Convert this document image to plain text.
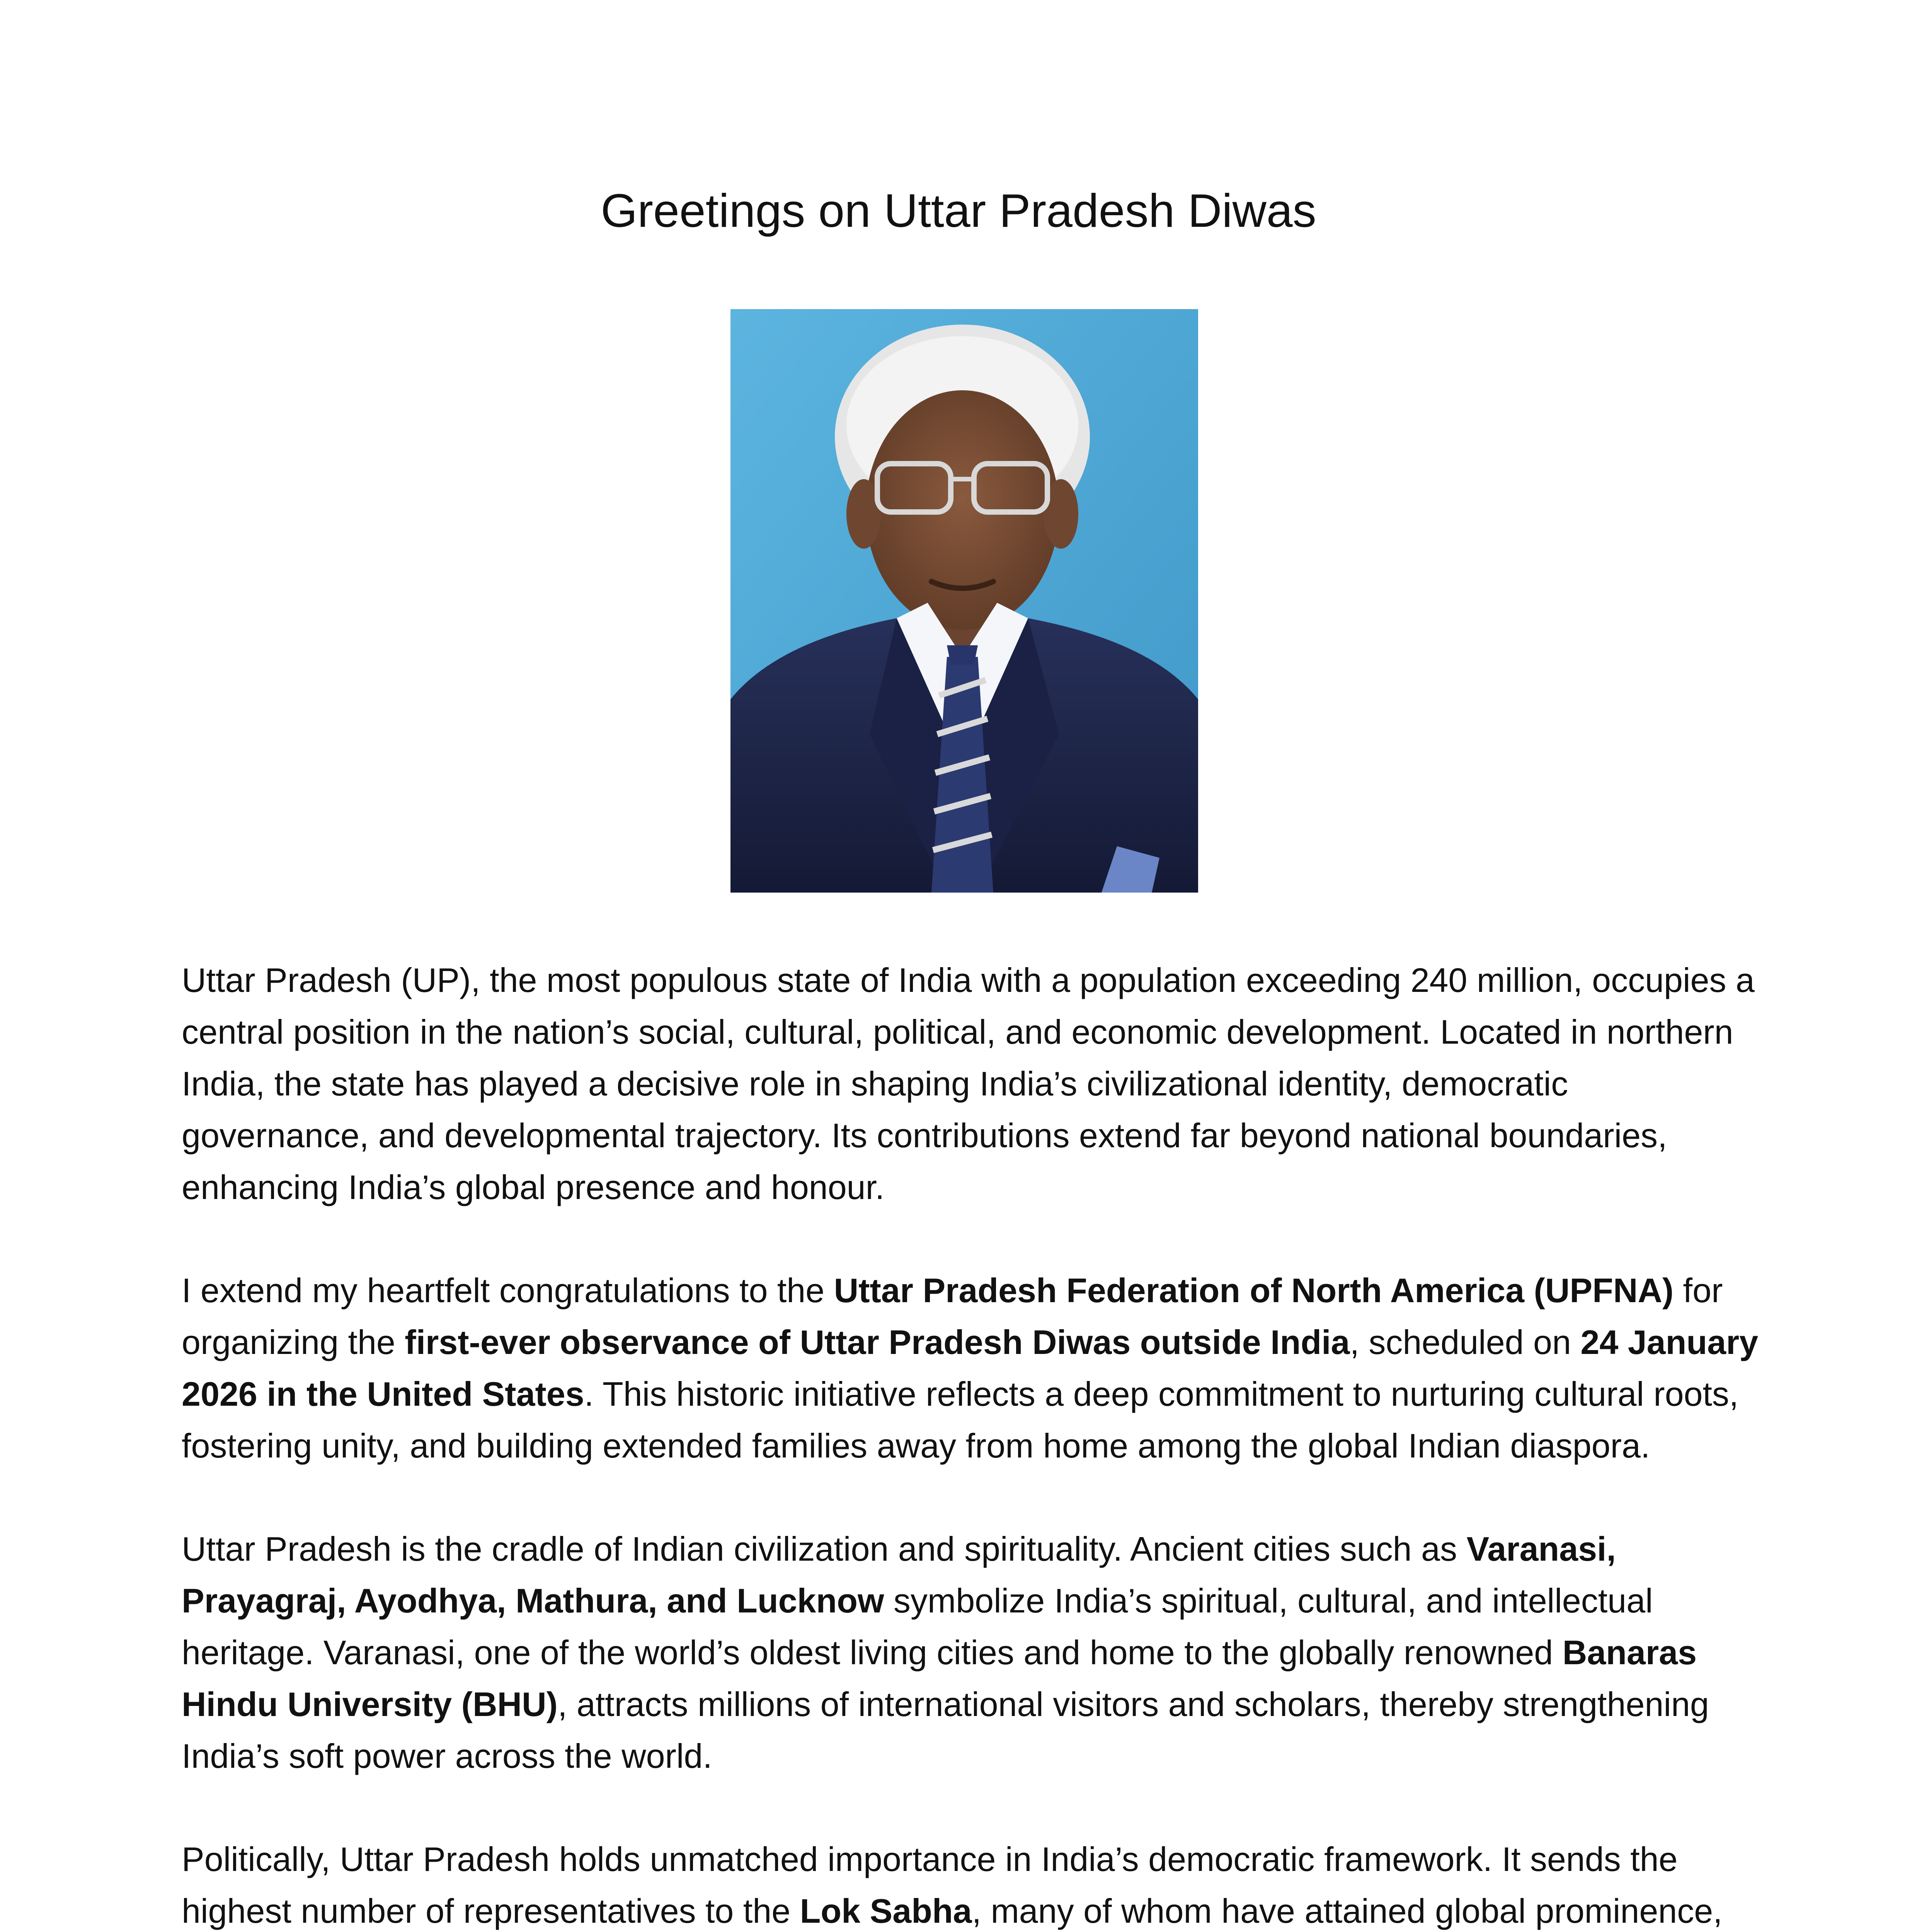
Greetings on Uttar Pradesh Diwas

Uttar Pradesh (UP), the most populous state of India with a population exceeding 240 million, occupies a central position in the nation’s social, cultural, political, and economic development. Located in northern India, the state has played a decisive role in shaping India’s civilizational identity, democratic governance, and developmental trajectory. Its contributions extend far beyond national boundaries, enhancing India’s global presence and honour.

I extend my heartfelt congratulations to the Uttar Pradesh Federation of North America (UPFNA) for organizing the first-ever observance of Uttar Pradesh Diwas outside India, scheduled on 24 January 2026 in the United States. This historic initiative reflects a deep commitment to nurturing cultural roots, fostering unity, and building extended families away from home among the global Indian diaspora.

Uttar Pradesh is the cradle of Indian civilization and spirituality. Ancient cities such as Varanasi, Prayagraj, Ayodhya, Mathura, and Lucknow symbolize India’s spiritual, cultural, and intellectual heritage. Varanasi, one of the world’s oldest living cities and home to the globally renowned Banaras Hindu University (BHU), attracts millions of international visitors and scholars, thereby strengthening India’s soft power across the world.

Politically, Uttar Pradesh holds unmatched importance in India’s democratic framework. It sends the highest number of representatives to the Lok Sabha, many of whom have attained global prominence,
